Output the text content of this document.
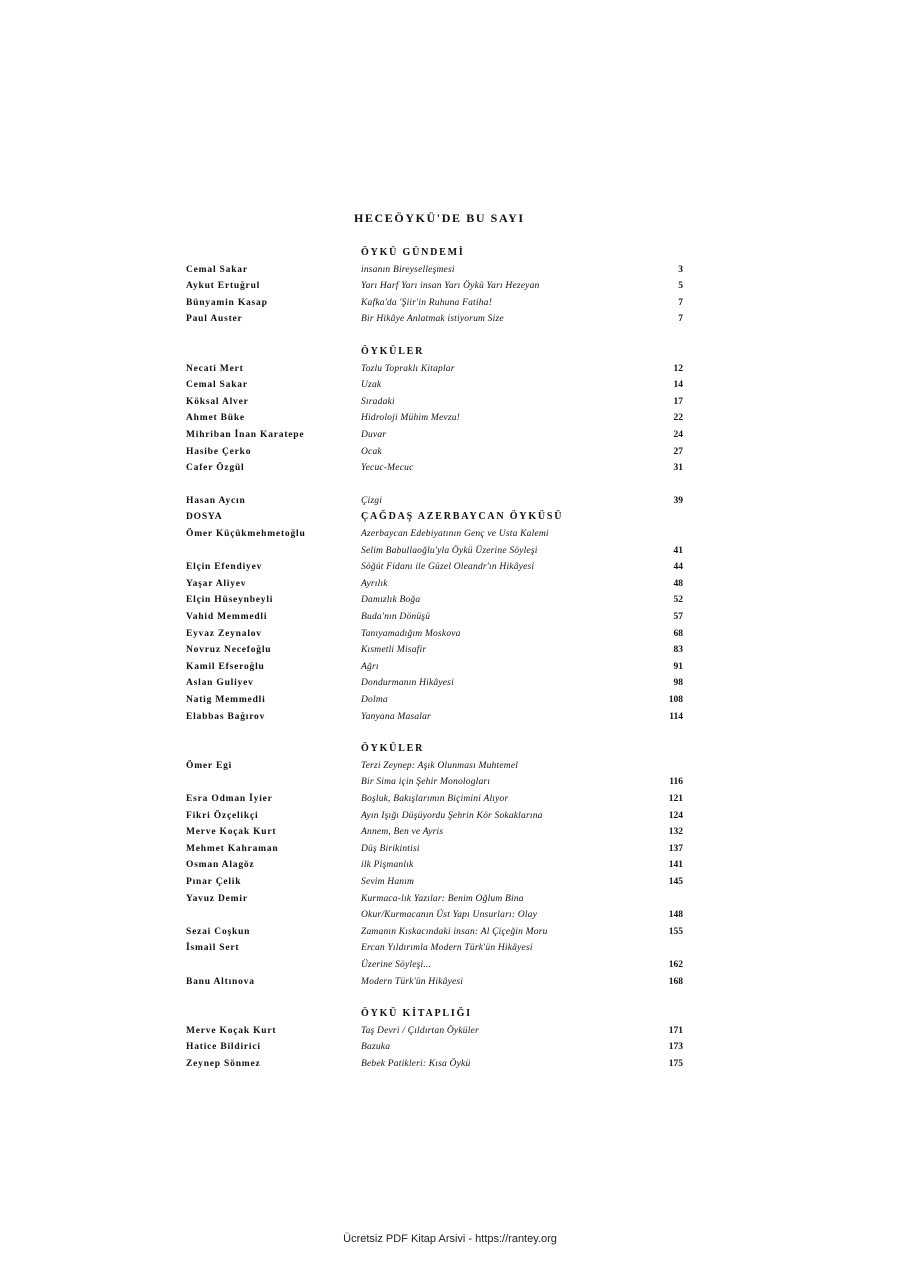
HECEÖYKÜ'DE BU SAYI
ÖYKÜ GÜNDEMİ
Cemal Sakar	insanın Bireyselleşmesi	3
Aykut Ertuğrul	Yarı Harf Yarı insan Yarı Öykü Yarı Hezeyan	5
Bünyamin Kasap	Kafka'da 'Şiir'in Ruhuna Fatiha!	7
Paul Auster	Bir Hikâye Anlatmak istiyorum Size	7
ÖYKÜLER
Necati Mert	Tozlu Topraklı Kitaplar	12
Cemal Sakar	Uzak	14
Köksal Alver	Sıradaki	17
Ahmet Büke	Hidroloji Mühim Mevzu!	22
Mihriban İnan Karatepe	Duvar	24
Hasibe Çerko	Ocak	27
Cafer Özgül	Yecuc-Mecuc	31
Hasan Aycın	Çizgi	39
DOSYA	ÇAĞDAŞ AZERBAYCAN ÖYKÜSÜ
Ömer Küçükmehmetoğlu	Azerbaycan Edebiyatının Genç ve Usta Kalemi
Selim Babullaoğlu'yla Öykü Üzerine Söyleşi	41
Elçin Efendiyev	Söğüt Fidanı ile Güzel Oleandr'ın Hikâyesi	44
Yaşar Aliyev	Ayrılık	48
Elçin Hüseynbeyli	Damızlık Boğa	52
Vahid Memmedli	Buda'nın Dönüşü	57
Eyvaz Zeynalov	Tanıyamadığım Moskova	68
Novruz Necefoğlu	Kısmetli Misafir	83
Kamil Efseroğlu	Ağrı	91
Aslan Guliyev	Dondurmanın Hikâyesi	98
Natig Memmedli	Dolma	108
Elabbas Bağırov	Yanyana Masalar	114
ÖYKÜLER
Ömer Egi	Terzi Zeynep: Aşık Olunması Muhtemel
Bir Sima için Şehir Monologları	116
Esra Odman İyier	Boşluk, Bakışlarımın Biçimini Alıyor	121
Fikri Özçelikçi	Ayın Işığı Düşüyordu Şehrin Kör Sokaklarına	124
Merve Koçak Kurt	Annem, Ben ve Ayris	132
Mehmet Kahraman	Düş Birikintisi	137
Osman Alagöz	ilk Pişmanlık	141
Pınar Çelik	Sevim Hanım	145
Yavuz Demir	Kurmaca-lık Yazılar: Benim Oğlum Bina
Okur/Kurmacanın Üst Yapı Unsurları: Olay	148
Sezai Coşkun	Zamanın Kıskacındaki insan: Al Çiçeğin Moru	155
İsmail Sert	Ercan Yıldırımla Modern Türk'ün Hikâyesi
Üzerine Söyleşi...	162
Banu Altınova	Modern Türk'ün Hikâyesi	168
ÖYKÜ KİTAPLIĞI
Merve Koçak Kurt	Taş Devri / Çıldırtan Öyküler	171
Hatice Bildirici	Bazuka	173
Zeynep Sönmez	Bebek Patikleri: Kısa Öykü	175
Ücretsiz PDF Kitap Arsivi - https://rantey.org
